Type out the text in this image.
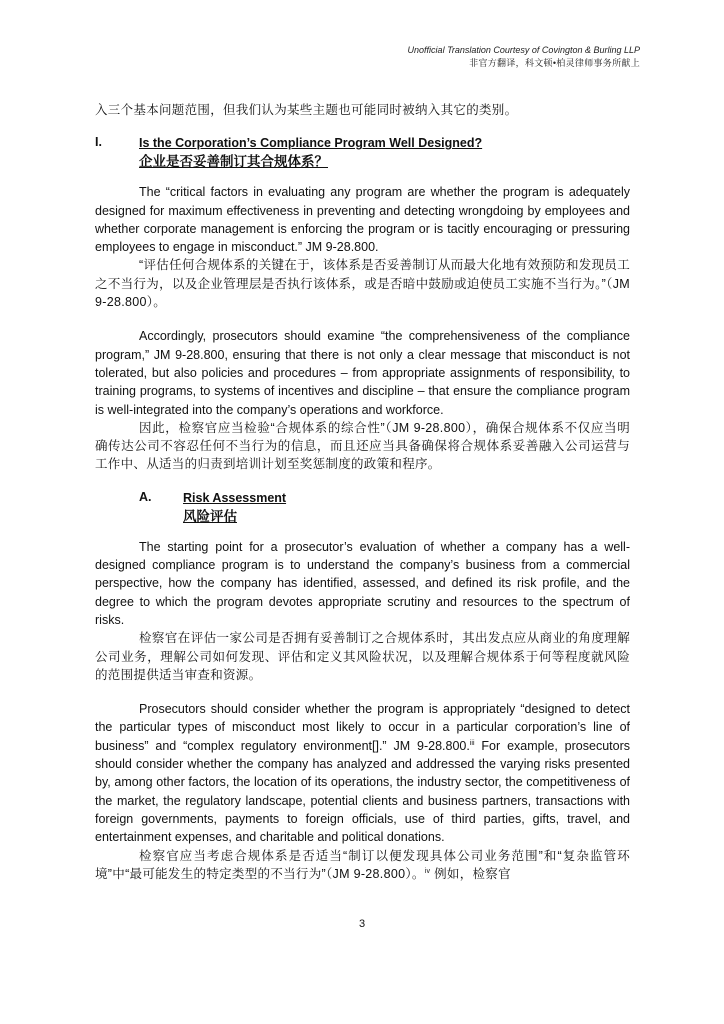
Unofficial Translation Courtesy of Covington & Burling LLP
非官方翻译，科文顿•柏灵律师事务所献上

入三个基本问题范围，但我们认为某些主题也可能同时被纳入其它的类别。

I.	Is the Corporation’s Compliance Program Well Designed?
企业是否妥善制订其合规体系？

The “critical factors in evaluating any program are whether the program is adequately designed for maximum effectiveness in preventing and detecting wrongdoing by employees and whether corporate management is enforcing the program or is tacitly encouraging or pressuring employees to engage in misconduct.” JM 9-28.800.

“评估任何合规体系的关键在于，该体系是否妥善制订从而最大化地有效预防和发现员工之不当行为，以及企业管理层是否执行该体系，或是否暗中鼓励或迫使员工实施不当行为。”（JM 9-28.800）。

Accordingly, prosecutors should examine “the comprehensiveness of the compliance program,” JM 9-28.800, ensuring that there is not only a clear message that misconduct is not tolerated, but also policies and procedures – from appropriate assignments of responsibility, to training programs, to systems of incentives and discipline – that ensure the compliance program is well-integrated into the company’s operations and workforce.

因此，检察官应当检验“合规体系的综合性”（JM 9-28.800），确保合规体系不仅应当明确传达公司不容忍任何不当行为的信息，而且还应当具备确保将合规体系妥善融入公司运营与工作中、从适当的归责到培训计划至奖惩制度的政策和程序。

A.	Risk Assessment
风险评估

The starting point for a prosecutor’s evaluation of whether a company has a well-designed compliance program is to understand the company’s business from a commercial perspective, how the company has identified, assessed, and defined its risk profile, and the degree to which the program devotes appropriate scrutiny and resources to the spectrum of risks.

检察官在评估一家公司是否拥有妥善制订之合规体系时，其出发点应从商业的角度理解公司业务，理解公司如何发现、评估和定义其风险状况，以及理解合规体系于何等程度就风险的范围提供适当审查和资源。

Prosecutors should consider whether the program is appropriately “designed to detect the particular types of misconduct most likely to occur in a particular corporation’s line of business” and “complex regulatory environment[].” JM 9-28.800.$^{iii}$ For example, prosecutors should consider whether the company has analyzed and addressed the varying risks presented by, among other factors, the location of its operations, the industry sector, the competitiveness of the market, the regulatory landscape, potential clients and business partners, transactions with foreign governments, payments to foreign officials, use of third parties, gifts, travel, and entertainment expenses, and charitable and political donations.

检察官应当考虑合规体系是否适当“制订以便发现具体公司业务范围”和“复杂监管环境”中“最可能发生的特定类型的不当行为”（JM 9-28.800）。$^{iv}$ 例如，检察官

3
